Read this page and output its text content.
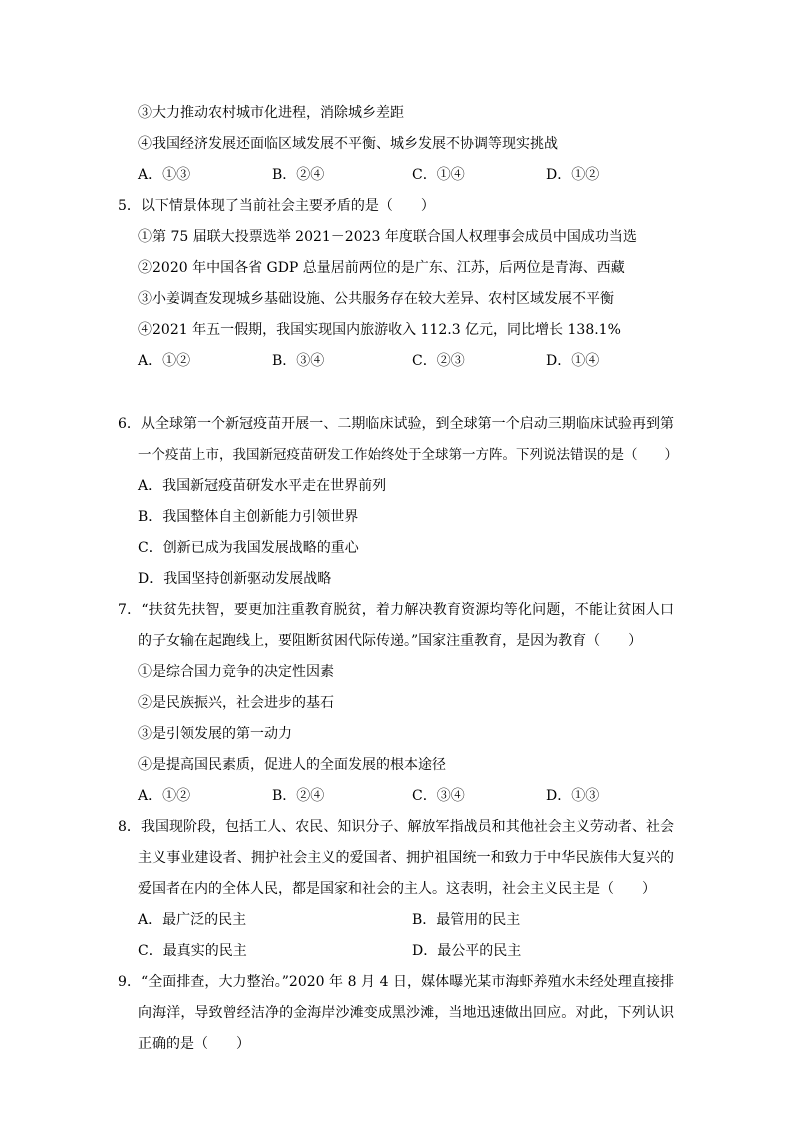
③大力推动农村城市化进程，消除城乡差距
④我国经济发展还面临区域发展不平衡、城乡发展不协调等现实挑战
A．①③	B．②④	C．①④	D．①②
5．以下情景体现了当前社会主要矛盾的是（　　）
①第 75 届联大投票选举 2021－2023 年度联合国人权理事会成员中国成功当选
②2020 年中国各省 GDP 总量居前两位的是广东、江苏，后两位是青海、西藏
③小姜调查发现城乡基础设施、公共服务存在较大差异、农村区域发展不平衡
④2021 年五一假期，我国实现国内旅游收入 112.3 亿元，同比增长 138.1%
A．①②	B．③④	C．②③	D．①④
6．从全球第一个新冠疫苗开展一、二期临床试验，到全球第一个启动三期临床试验再到第
一个疫苗上市，我国新冠疫苗研发工作始终处于全球第一方阵。下列说法错误的是（　　）
A．我国新冠疫苗研发水平走在世界前列
B．我国整体自主创新能力引领世界
C．创新已成为我国发展战略的重心
D．我国坚持创新驱动发展战略
7．“扶贫先扶智，要更加注重教育脱贫，着力解决教育资源均等化问题，不能让贫困人口
的子女输在起跑线上，要阻断贫困代际传递。”国家注重教育，是因为教育（　　）
①是综合国力竞争的决定性因素
②是民族振兴，社会进步的基石
③是引领发展的第一动力
④是提高国民素质，促进人的全面发展的根本途径
A．①②	B．②④	C．③④	D．①③
8．我国现阶段，包括工人、农民、知识分子、解放军指战员和其他社会主义劳动者、社会
主义事业建设者、拥护社会主义的爱国者、拥护祖国统一和致力于中华民族伟大复兴的
爱国者在内的全体人民，都是国家和社会的主人。这表明，社会主义民主是（　　）
A．最广泛的民主	B．最管用的民主
C．最真实的民主	D．最公平的民主
9．“全面排查，大力整治。”2020 年 8 月 4 日，媒体曝光某市海虾养殖水未经处理直接排
向海洋，导致曾经洁净的金海岸沙滩变成黑沙滩，当地迅速做出回应。对此，下列认识
正确的是（　　）
